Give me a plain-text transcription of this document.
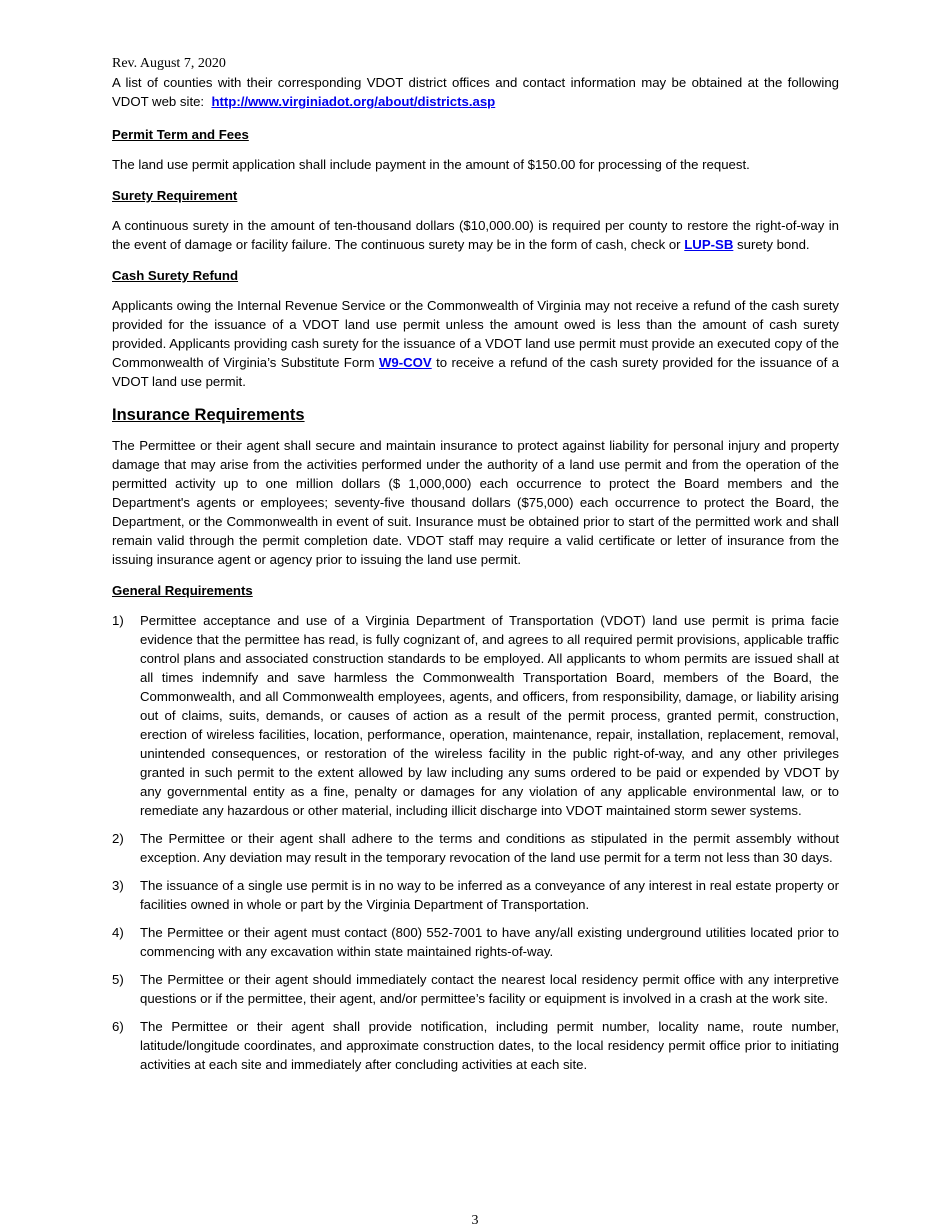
Rev. August 7, 2020

A list of counties with their corresponding VDOT district offices and contact information may be obtained at the following VDOT web site: http://www.virginiadot.org/about/districts.asp

Permit Term and Fees

The land use permit application shall include payment in the amount of $150.00 for processing of the request.

Surety Requirement

A continuous surety in the amount of ten-thousand dollars ($10,000.00) is required per county to restore the right-of-way in the event of damage or facility failure. The continuous surety may be in the form of cash, check or LUP-SB surety bond.

Cash Surety Refund

Applicants owing the Internal Revenue Service or the Commonwealth of Virginia may not receive a refund of the cash surety provided for the issuance of a VDOT land use permit unless the amount owed is less than the amount of cash surety provided. Applicants providing cash surety for the issuance of a VDOT land use permit must provide an executed copy of the Commonwealth of Virginia’s Substitute Form W9-COV to receive a refund of the cash surety provided for the issuance of a VDOT land use permit.

Insurance Requirements

The Permittee or their agent shall secure and maintain insurance to protect against liability for personal injury and property damage that may arise from the activities performed under the authority of a land use permit and from the operation of the permitted activity up to one million dollars ($ 1,000,000) each occurrence to protect the Board members and the Department's agents or employees; seventy-five thousand dollars ($75,000) each occurrence to protect the Board, the Department, or the Commonwealth in event of suit. Insurance must be obtained prior to start of the permitted work and shall remain valid through the permit completion date. VDOT staff may require a valid certificate or letter of insurance from the issuing insurance agent or agency prior to issuing the land use permit.

General Requirements
1) Permittee acceptance and use of a Virginia Department of Transportation (VDOT) land use permit is prima facie evidence that the permittee has read, is fully cognizant of, and agrees to all required permit provisions, applicable traffic control plans and associated construction standards to be employed. All applicants to whom permits are issued shall at all times indemnify and save harmless the Commonwealth Transportation Board, members of the Board, the Commonwealth, and all Commonwealth employees, agents, and officers, from responsibility, damage, or liability arising out of claims, suits, demands, or causes of action as a result of the permit process, granted permit, construction, erection of wireless facilities, location, performance, operation, maintenance, repair, installation, replacement, removal, unintended consequences, or restoration of the wireless facility in the public right-of-way, and any other privileges granted in such permit to the extent allowed by law including any sums ordered to be paid or expended by VDOT by any governmental entity as a fine, penalty or damages for any violation of any applicable environmental law, or to remediate any hazardous or other material, including illicit discharge into VDOT maintained storm sewer systems.
2) The Permittee or their agent shall adhere to the terms and conditions as stipulated in the permit assembly without exception. Any deviation may result in the temporary revocation of the land use permit for a term not less than 30 days.
3) The issuance of a single use permit is in no way to be inferred as a conveyance of any interest in real estate property or facilities owned in whole or part by the Virginia Department of Transportation.
4) The Permittee or their agent must contact (800) 552-7001 to have any/all existing underground utilities located prior to commencing with any excavation within state maintained rights-of-way.
5) The Permittee or their agent should immediately contact the nearest local residency permit office with any interpretive questions or if the permittee, their agent, and/or permittee’s facility or equipment is involved in a crash at the work site.
6) The Permittee or their agent shall provide notification, including permit number, locality name, route number, latitude/longitude coordinates, and approximate construction dates, to the local residency permit office prior to initiating activities at each site and immediately after concluding activities at each site.
3
